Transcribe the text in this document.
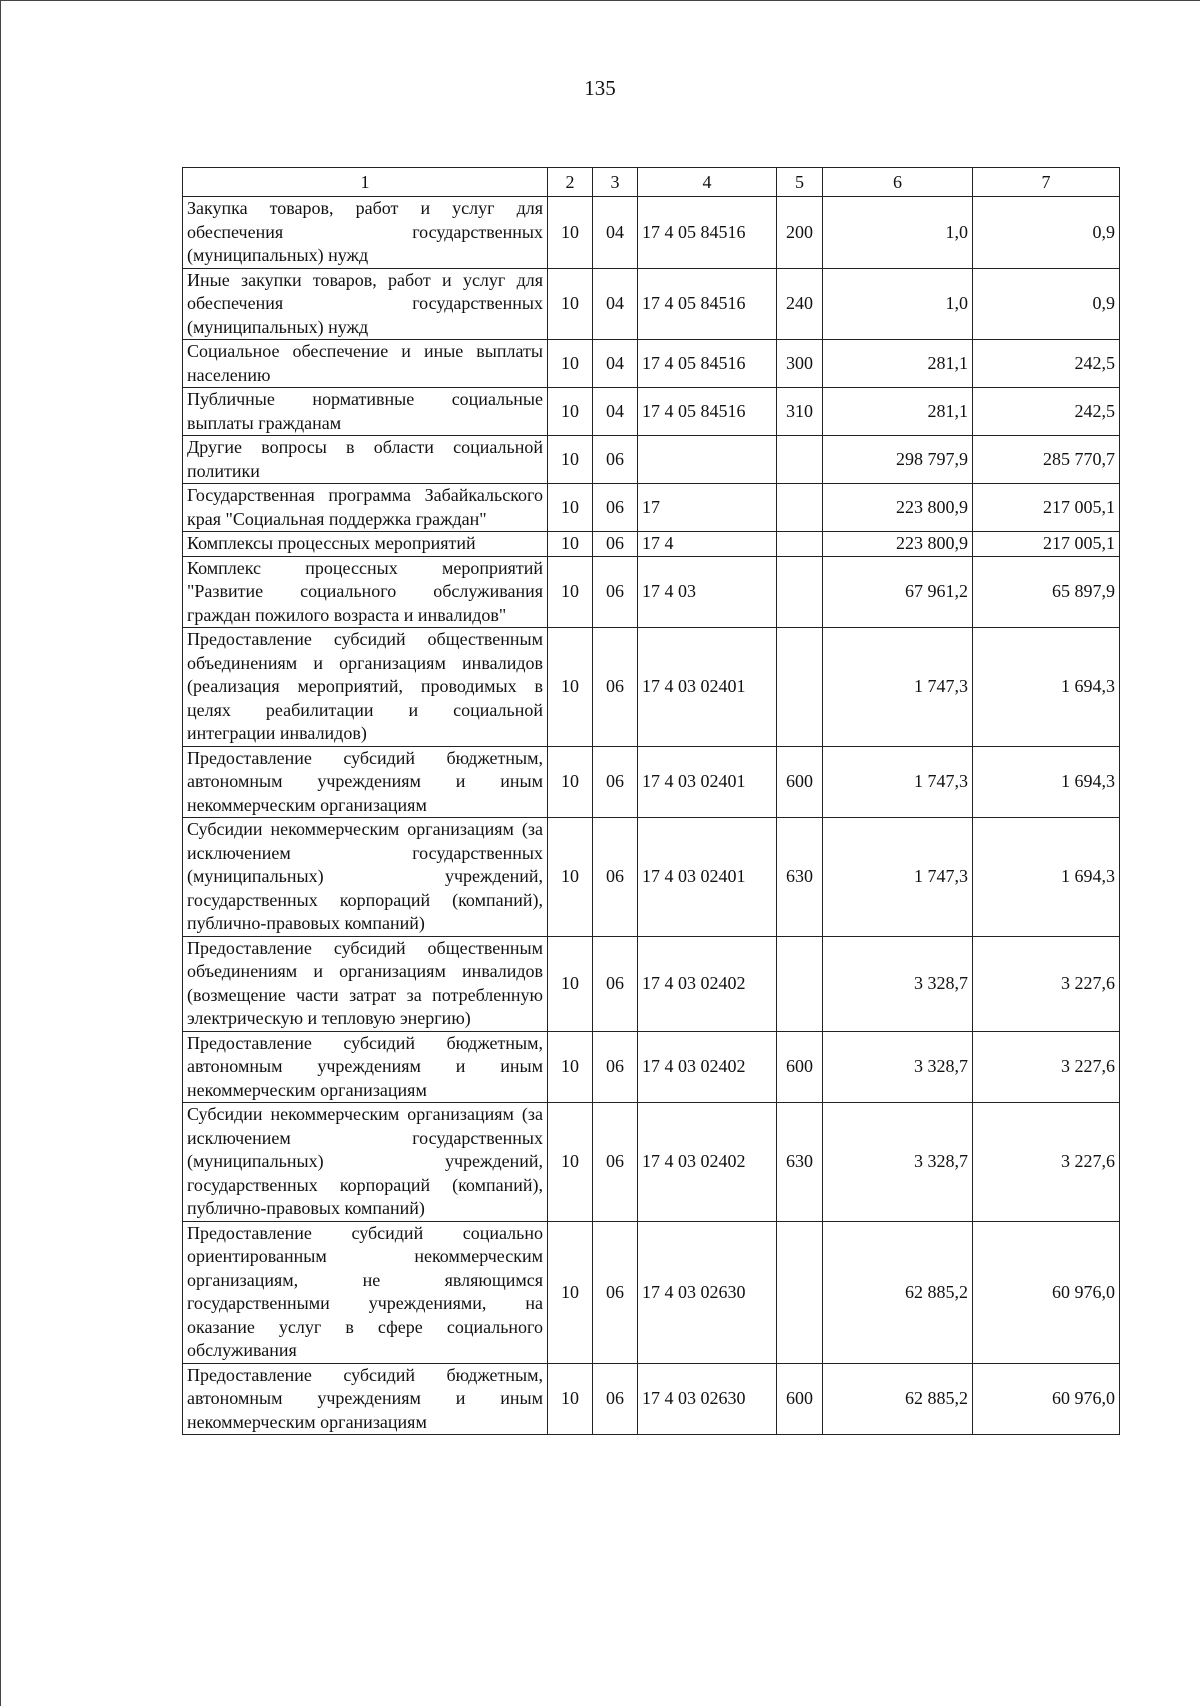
135
1	2	3	4	5	6	7
Закупка товаров, работ и услуг для обеспечения государственных (муниципальных) нужд	10	04	17 4 05 84516	200	1,0	0,9
Иные закупки товаров, работ и услуг для обеспечения государственных (муниципальных) нужд	10	04	17 4 05 84516	240	1,0	0,9
Социальное обеспечение и иные выплаты населению	10	04	17 4 05 84516	300	281,1	242,5
Публичные нормативные социальные выплаты гражданам	10	04	17 4 05 84516	310	281,1	242,5
Другие вопросы в области социальной политики	10	06			298 797,9	285 770,7
Государственная программа Забайкальского края "Социальная поддержка граждан"	10	06	17		223 800,9	217 005,1
Комплексы процессных мероприятий	10	06	17 4		223 800,9	217 005,1
Комплекс процессных мероприятий "Развитие социального обслуживания граждан пожилого возраста и инвалидов"	10	06	17 4 03		67 961,2	65 897,9
Предоставление субсидий общественным объединениям и организациям инвалидов (реализация мероприятий, проводимых в целях реабилитации и социальной интеграции инвалидов)	10	06	17 4 03 02401		1 747,3	1 694,3
Предоставление субсидий бюджетным, автономным учреждениям и иным некоммерческим организациям	10	06	17 4 03 02401	600	1 747,3	1 694,3
Субсидии некоммерческим организациям (за исключением государственных (муниципальных) учреждений, государственных корпораций (компаний), публично-правовых компаний)	10	06	17 4 03 02401	630	1 747,3	1 694,3
Предоставление субсидий общественным объединениям и организациям инвалидов (возмещение части затрат за потребленную электрическую и тепловую энергию)	10	06	17 4 03 02402		3 328,7	3 227,6
Предоставление субсидий бюджетным, автономным учреждениям и иным некоммерческим организациям	10	06	17 4 03 02402	600	3 328,7	3 227,6
Субсидии некоммерческим организациям (за исключением государственных (муниципальных) учреждений, государственных корпораций (компаний), публично-правовых компаний)	10	06	17 4 03 02402	630	3 328,7	3 227,6
Предоставление субсидий социально ориентированным некоммерческим организациям, не являющимся государственными учреждениями, на оказание услуг в сфере социального обслуживания	10	06	17 4 03 02630		62 885,2	60 976,0
Предоставление субсидий бюджетным, автономным учреждениям и иным некоммерческим организациям	10	06	17 4 03 02630	600	62 885,2	60 976,0
